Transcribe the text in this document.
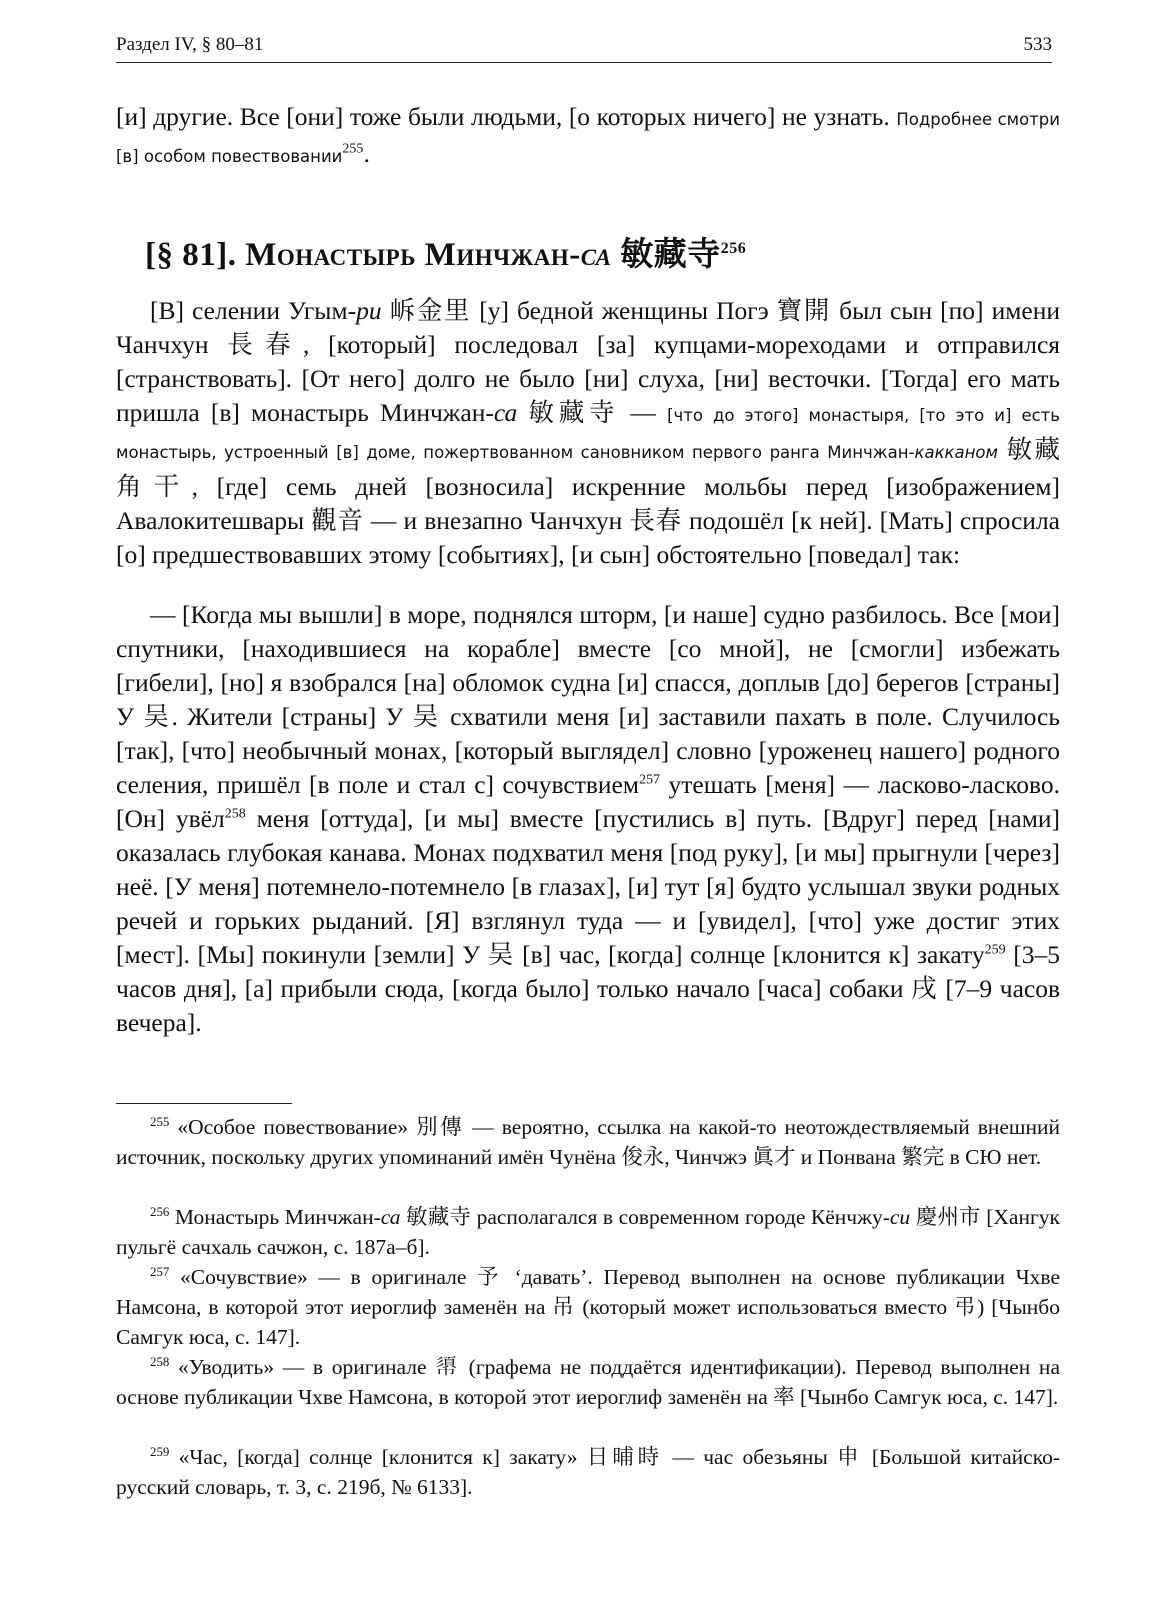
Раздел IV, § 80–81	533
[и] другие. Все [они] тоже были людьми, [о которых ничего] не узнать. Подробнее смотри [в] особом повествовании$^{255}$.
[§ 81]. Монастырь Минчжан-са 敏藏寺$^{256}$
[В] селении Угым-ри 𡶜金里 [у] бедной женщины Погэ 寶開 был сын [по] имени Чанчхун 長春, [который] последовал [за] купцами-мореходами и отправился [странствовать]. [От него] долго не было [ни] слуха, [ни] весточки. [Тогда] его мать пришла [в] монастырь Минчжан-са 敏藏寺 — [что до этого] монастыря, [то это и] есть монастырь, устроенный [в] доме, пожертвованном сановником первого ранга Минчжан-какканом 敏藏角干, [где] семь дней [возносила] искренние мольбы перед [изображением] Авалокитешвары 觀音 — и внезапно Чанчхун 長春 подошёл [к ней]. [Мать] спросила [о] предшествовавших этому [событиях], [и сын] обстоятельно [поведал] так:
— [Когда мы вышли] в море, поднялся шторм, [и наше] судно разбилось. Все [мои] спутники, [находившиеся на корабле] вместе [со мной], не [смогли] избежать [гибели], [но] я взобрался [на] обломок судна [и] спасся, доплыв [до] берегов [страны] У 吴. Жители [страны] У 吴 схватили меня [и] заставили пахать в поле. Случилось [так], [что] необычный монах, [который выглядел] словно [уроженец нашего] родного селения, пришёл [в поле и стал с] сочувствием$^{257}$ утешать [меня] — ласково-ласково. [Он] увёл$^{258}$ меня [оттуда], [и мы] вместе [пустились в] путь. [Вдруг] перед [нами] оказалась глубокая канава. Монах подхватил меня [под руку], [и мы] прыгнули [через] неё. [У меня] потемнело-потемнело [в глазах], [и] тут [я] будто услышал звуки родных речей и горьких рыданий. [Я] взглянул туда — и [увидел], [что] уже достиг этих [мест]. [Мы] покинули [земли] У 吴 [в] час, [когда] солнце [клонится к] закату$^{259}$ [3–5 часов дня], [а] прибыли сюда, [когда было] только начало [часа] собаки 戌 [7–9 часов вечера].
$^{255}$ «Особое повествование» 別傳 — вероятно, ссылка на какой-то неотождествляемый внешний источник, поскольку других упоминаний имён Чунёна 俊永, Чинчжэ 眞才 и Понвана 繁完 в СЮ нет.
$^{256}$ Монастырь Минчжан-са 敏藏寺 располагался в современном городе Кёнчжу-си 慶州市 [Хангук пульгё сачхаль сачжон, с. 187а–б].
$^{257}$ «Сочувствие» — в оригинале 予 ‘давать’. Перевод выполнен на основе публикации Чхве Намсона, в которой этот иероглиф заменён на 吊 (который может использоваться вместо 弔) [Чынбо Самгук юса, с. 147].
$^{258}$ «Уводить» — в оригинале 𢄼 (графема не поддаётся идентификации). Перевод выполнен на основе публикации Чхве Намсона, в которой этот иероглиф заменён на 率 [Чынбо Самгук юса, с. 147].
$^{259}$ «Час, [когда] солнце [клонится к] закату» 日晡時 — час обезьяны 申 [Большой китайско-русский словарь, т. 3, с. 219б, № 6133].
